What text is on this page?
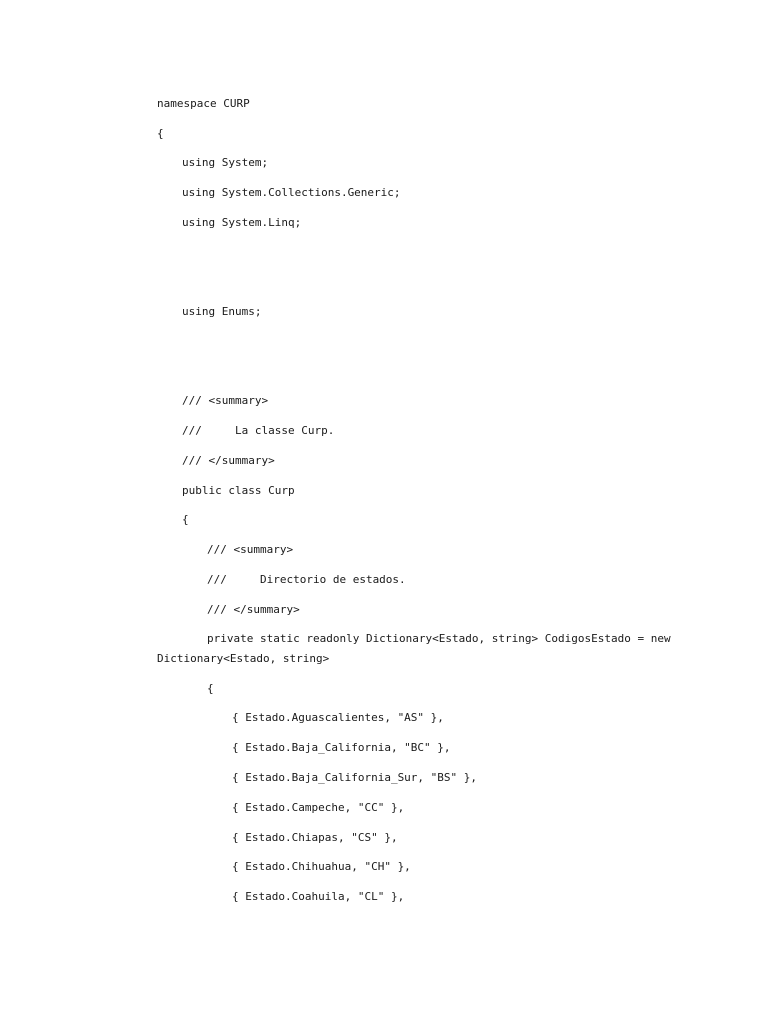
namespace CURP
{
using System;
using System.Collections.Generic;
using System.Linq;
using Enums;
/// <summary>
///     La classe Curp.
/// </summary>
public class Curp
{
/// <summary>
///     Directorio de estados.
/// </summary>
private static readonly Dictionary<Estado, string> CodigosEstado = new
Dictionary<Estado, string>
{
{ Estado.Aguascalientes, "AS" },
{ Estado.Baja_California, "BC" },
{ Estado.Baja_California_Sur, "BS" },
{ Estado.Campeche, "CC" },
{ Estado.Chiapas, "CS" },
{ Estado.Chihuahua, "CH" },
{ Estado.Coahuila, "CL" },
